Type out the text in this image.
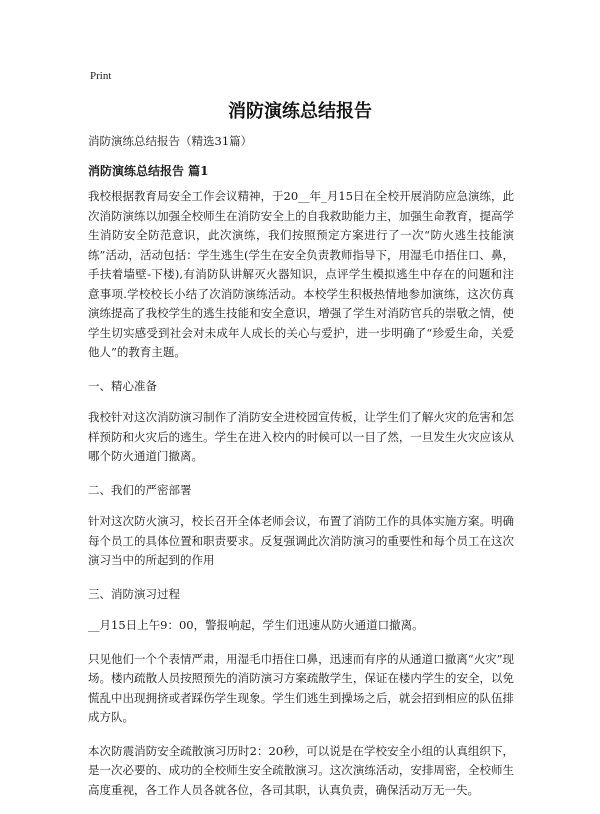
Print
消防演练总结报告

消防演练总结报告（精选31篇）

消防演练总结报告 篇1

我校根据教育局安全工作会议精神，于20__年_月15日在全校开展消防应急演练，此次消防演练以加强全校师生在消防安全上的自我救助能力主，加强生命教育，提高学生消防安全防范意识，此次演练，我们按照预定方案进行了一次“防火逃生技能演练”活动，活动包括：学生逃生(学生在安全负责教师指导下，用湿毛巾捂住口、鼻，手扶着墙壁-下楼),有消防队讲解灭火器知识，点评学生模拟逃生中存在的问题和注意事项.学校校长小结了次消防演练活动。本校学生积极热情地参加演练，这次仿真演练提高了我校学生的逃生技能和安全意识，增强了学生对消防官兵的崇敬之情，使学生切实感受到社会对未成年人成长的关心与爱护，进一步明确了“珍爱生命，关爱他人”的教育主题。

一、精心准备

我校针对这次消防演习制作了消防安全进校园宣传板，让学生们了解火灾的危害和怎样预防和火灾后的逃生。学生在进入校内的时候可以一目了然，一旦发生火灾应该从哪个防火通道门撤离。

二、我们的严密部署

针对这次防火演习，校长召开全体老师会议，布置了消防工作的具体实施方案。明确每个员工的具体位置和职责要求。反复强调此次消防演习的重要性和每个员工在这次演习当中的所起到的作用

三、消防演习过程

__月15日上午9：00，警报响起，学生们迅速从防火通道口撤离。

只见他们一个个表情严肃，用湿毛巾捂住口鼻，迅速而有序的从通道口撤离“火灾”现场。楼内疏散人员按照预先的消防演习方案疏散学生，保证在楼内学生的安全，以免慌乱中出现拥挤或者踩伤学生现象。学生们逃生到操场之后，就会招到相应的队伍排成方队。

本次防震消防安全疏散演习历时2：20秒，可以说是在学校安全小组的认真组织下，是一次必要的、成功的全校师生安全疏散演习。这次演练活动，安排周密，全校师生高度重视，各工作人员各就各位，各司其职，认真负责，确保活动万无一失。
